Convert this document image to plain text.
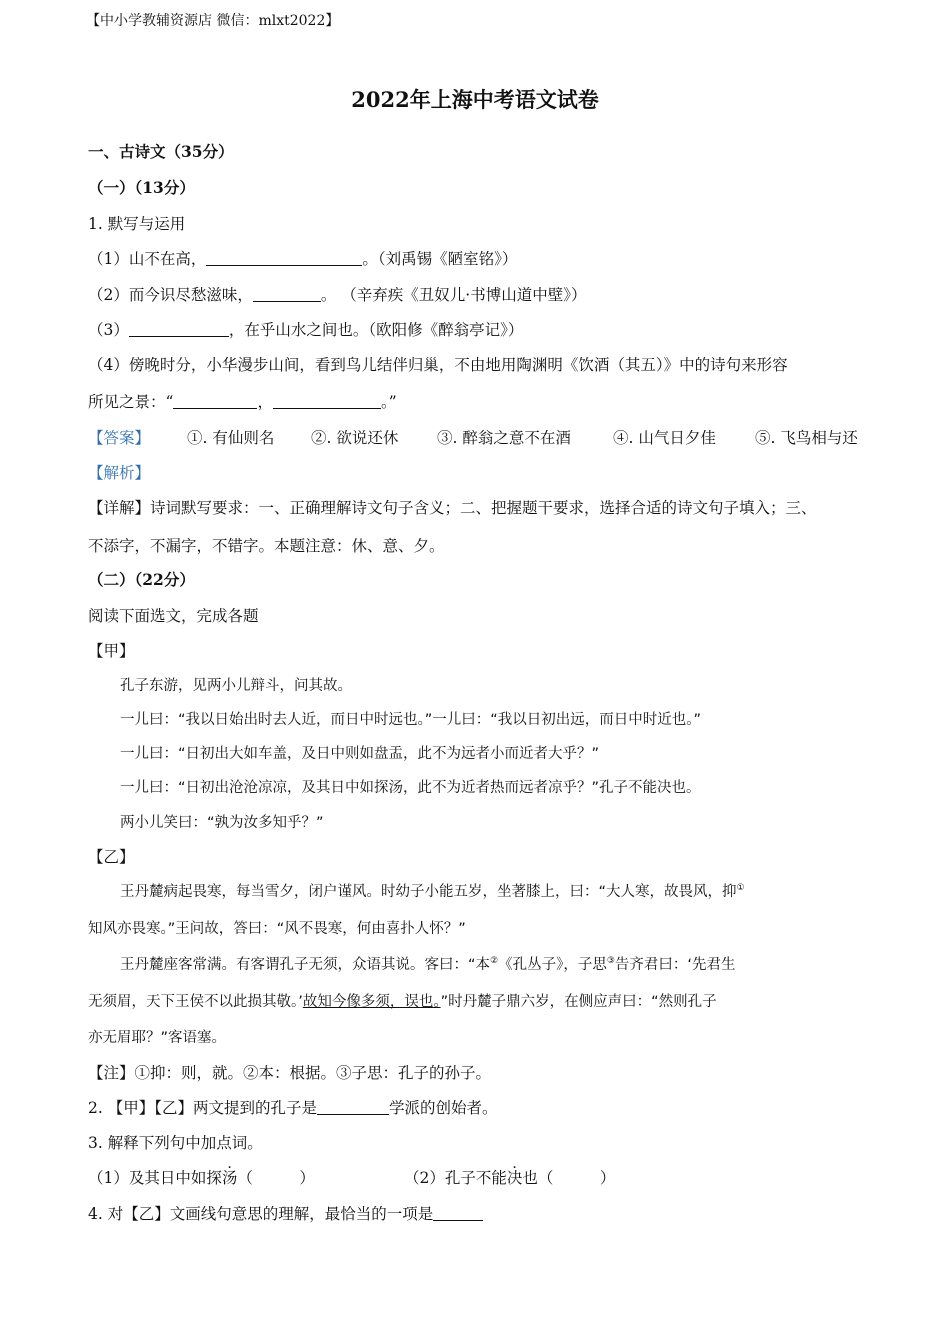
【中小学教辅资源店 微信：mlxt2022】
2022年上海中考语文试卷
一、古诗文（35分）
（一）（13分）
1. 默写与运用
（1）山不在高，	。（刘禹锡《陋室铭》）
（2）而今识尽愁滋味，	。 （辛弃疾《丑奴儿·书博山道中壁》）
（3）	，在乎山水之间也。（欧阳修《醉翁亭记》）
（4）傍晚时分，小华漫步山间，看到鸟儿结伴归巢，不由地用陶渊明《饮酒（其五）》中的诗句来形容
所见之景：“	，	。”
【答案】 ①. 有仙则名 ②. 欲说还休 ③. 醉翁之意不在酒	④. 山气日夕佳	⑤. 飞鸟相与还
【解析】
【详解】诗词默写要求：一、正确理解诗文句子含义；二、把握题干要求，选择合适的诗文句子填入；三、
不添字，不漏字，不错字。本题注意：休、意、夕。
（二）（22分）
阅读下面选文，完成各题
【甲】
孔子东游，见两小儿辩斗，问其故。
一儿曰：“我以日始出时去人近，而日中时远也。”一儿曰：“我以日初出远，而日中时近也。”
一儿曰：“日初出大如车盖，及日中则如盘盂，此不为远者小而近者大乎？”
一儿曰：“日初出沧沧凉凉，及其日中如探汤，此不为近者热而远者凉乎？”孔子不能决也。
两小儿笑曰：“孰为汝多知乎？”
【乙】
王丹麓病起畏寒，每当雪夕，闭户谨风。时幼子小能五岁，坐著膝上，曰：“大人寒，故畏风，抑①
知风亦畏寒。”王问故，答曰：“风不畏寒，何由喜扑人怀？”
王丹麓座客常满。有客谓孔子无须，众语其说。客曰：“本②《孔丛子》，子思③告齐君曰：‘先君生
无须眉，天下王侯不以此损其敬。’故知今像多须，误也。”时丹麓子鼎六岁，在侧应声曰：“然则孔子
亦无眉耶？”客语塞。
【注】①抑：则，就。②本：根据。③子思：孔子的孙子。
2. 【甲】【乙】两文提到的孔子是	学派的创始者。
3. 解释下列句中加点词。
（1）及其日中如探汤（　　　）	（2）孔子不能决也（　　　）
4. 对【乙】文画线句意思的理解，最恰当的一项是
